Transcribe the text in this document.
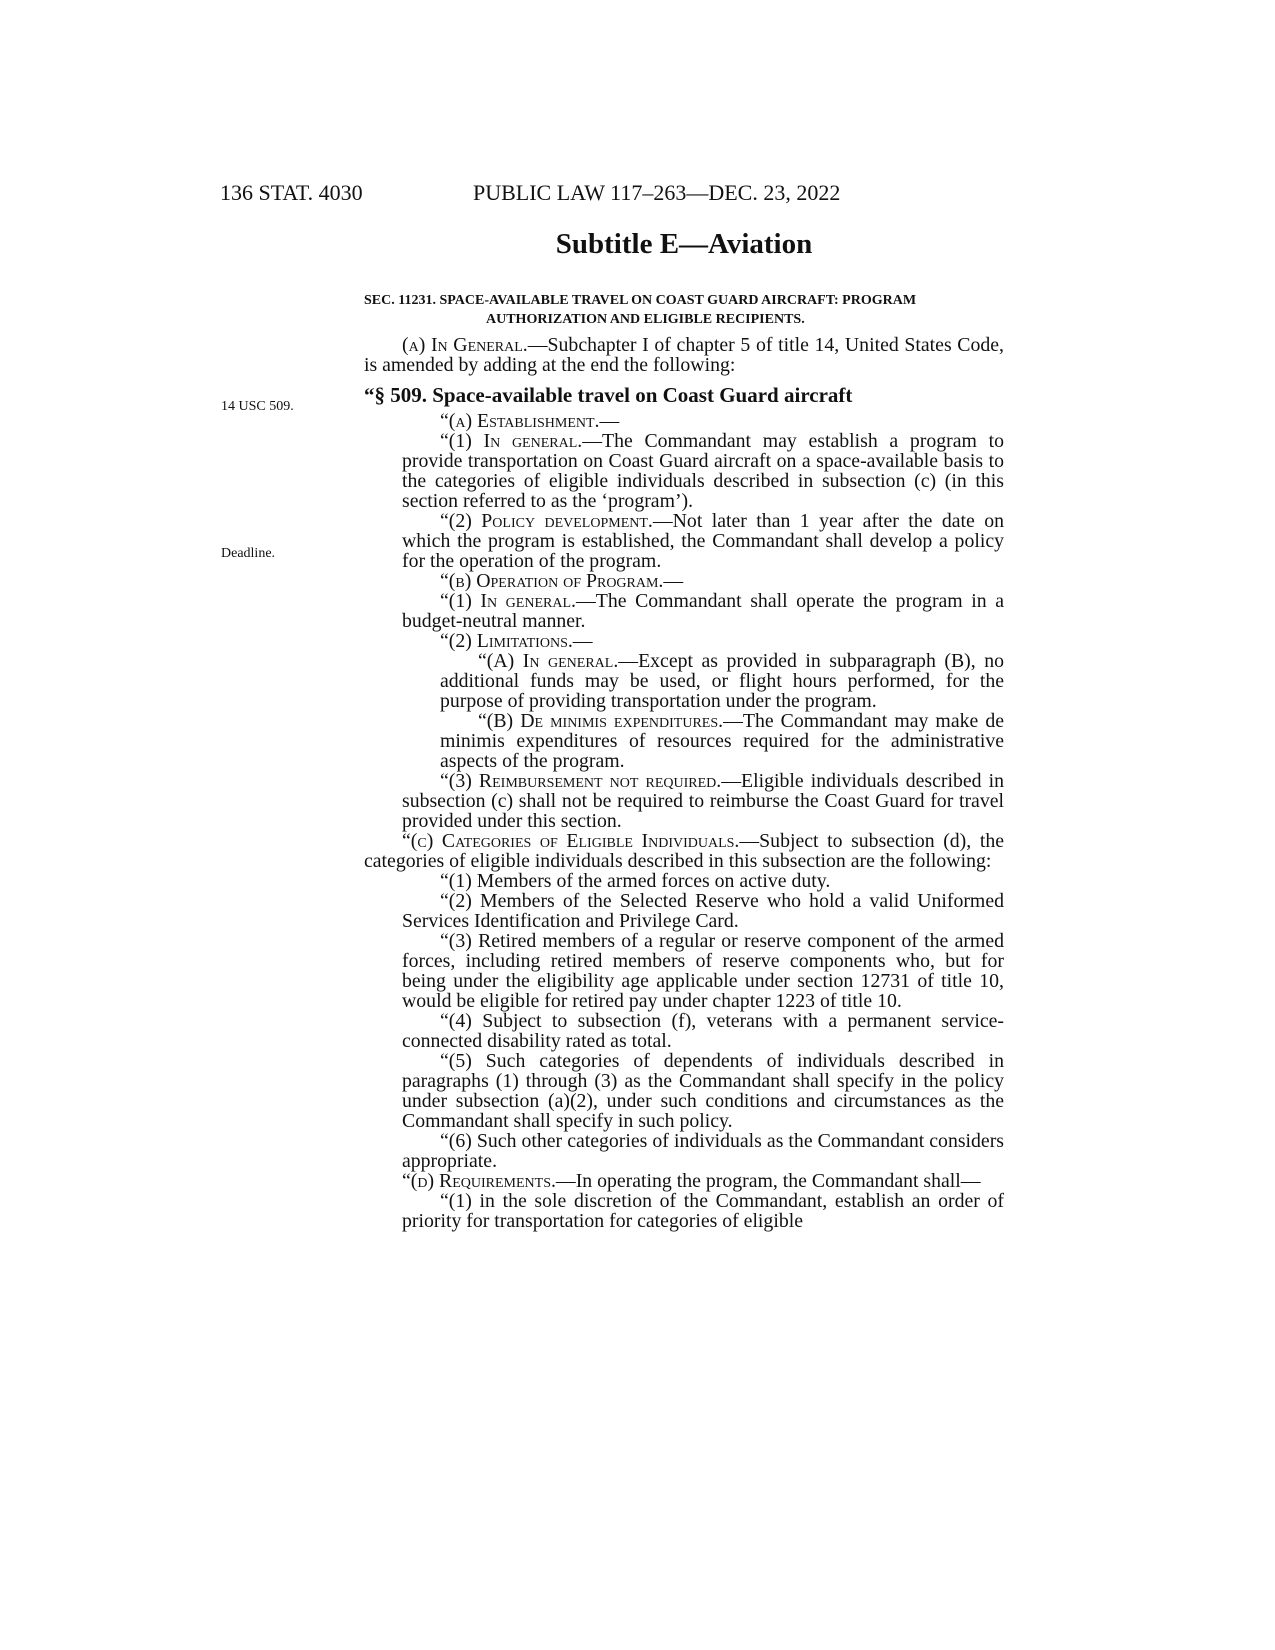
136 STAT. 4030	PUBLIC LAW 117–263—DEC. 23, 2022
Subtitle E—Aviation
14 USC 509.
Deadline.
SEC. 11231. SPACE-AVAILABLE TRAVEL ON COAST GUARD AIRCRAFT: PROGRAM AUTHORIZATION AND ELIGIBLE RECIPIENTS.

(a) In General.—Subchapter I of chapter 5 of title 14, United States Code, is amended by adding at the end the following:

“§ 509. Space-available travel on Coast Guard aircraft

“(a) Establishment.—

“(1) In general.—The Commandant may establish a program to provide transportation on Coast Guard aircraft on a space-available basis to the categories of eligible individuals described in subsection (c) (in this section referred to as the ‘program’).

“(2) Policy development.—Not later than 1 year after the date on which the program is established, the Commandant shall develop a policy for the operation of the program.

“(b) Operation of Program.—

“(1) In general.—The Commandant shall operate the program in a budget-neutral manner.

“(2) Limitations.—

“(A) In general.—Except as provided in subparagraph (B), no additional funds may be used, or flight hours performed, for the purpose of providing transportation under the program.

“(B) De minimis expenditures.—The Commandant may make de minimis expenditures of resources required for the administrative aspects of the program.

“(3) Reimbursement not required.—Eligible individuals described in subsection (c) shall not be required to reimburse the Coast Guard for travel provided under this section.

“(c) Categories of Eligible Individuals.—Subject to subsection (d), the categories of eligible individuals described in this subsection are the following:

“(1) Members of the armed forces on active duty.

“(2) Members of the Selected Reserve who hold a valid Uniformed Services Identification and Privilege Card.

“(3) Retired members of a regular or reserve component of the armed forces, including retired members of reserve components who, but for being under the eligibility age applicable under section 12731 of title 10, would be eligible for retired pay under chapter 1223 of title 10.

“(4) Subject to subsection (f), veterans with a permanent service-connected disability rated as total.

“(5) Such categories of dependents of individuals described in paragraphs (1) through (3) as the Commandant shall specify in the policy under subsection (a)(2), under such conditions and circumstances as the Commandant shall specify in such policy.

“(6) Such other categories of individuals as the Commandant considers appropriate.

“(d) Requirements.—In operating the program, the Commandant shall—

“(1) in the sole discretion of the Commandant, establish an order of priority for transportation for categories of eligible
